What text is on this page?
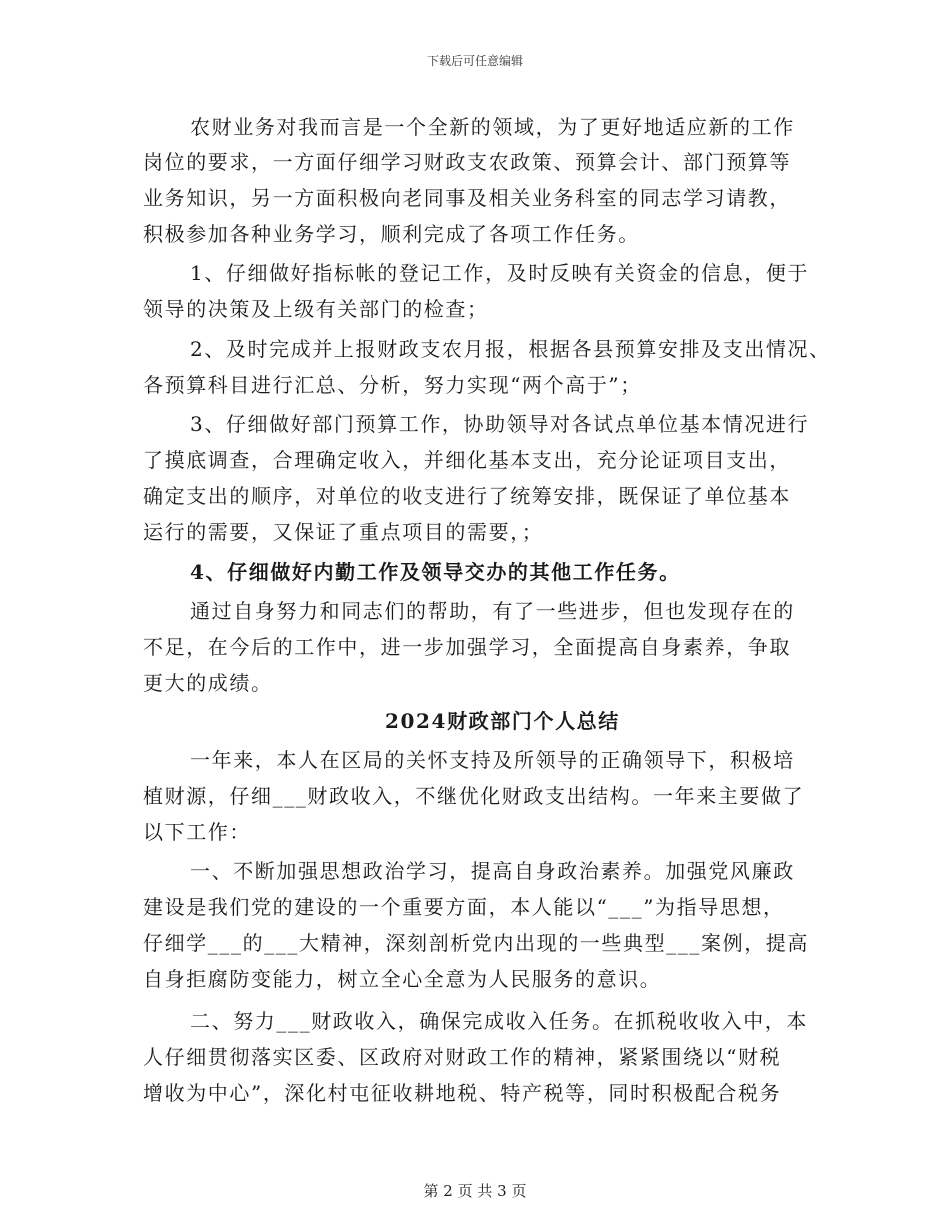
下载后可任意编辑
农财业务对我而言是一个全新的领域，为了更好地适应新的工作
岗位的要求，一方面仔细学习财政支农政策、预算会计、部门预算等
业务知识，另一方面积极向老同事及相关业务科室的同志学习请教，
积极参加各种业务学习，顺利完成了各项工作任务。
1、仔细做好指标帐的登记工作，及时反映有关资金的信息，便于
领导的决策及上级有关部门的检查；
2、及时完成并上报财政支农月报，根据各县预算安排及支出情况、
各预算科目进行汇总、分析，努力实现“两个高于”；
3、仔细做好部门预算工作，协助领导对各试点单位基本情况进行
了摸底调查，合理确定收入，并细化基本支出，充分论证项目支出，
确定支出的顺序，对单位的收支进行了统筹安排，既保证了单位基本
运行的需要，又保证了重点项目的需要，；
4、仔细做好内勤工作及领导交办的其他工作任务。
通过自身努力和同志们的帮助，有了一些进步，但也发现存在的
不足，在今后的工作中，进一步加强学习，全面提高自身素养，争取
更大的成绩。
2024财政部门个人总结
一年来，本人在区局的关怀支持及所领导的正确领导下，积极培
植财源，仔细___财政收入，不继优化财政支出结构。一年来主要做了
以下工作：
一、不断加强思想政治学习，提高自身政治素养。加强党风廉政
建设是我们党的建设的一个重要方面，本人能以“___”为指导思想，
仔细学___的___大精神，深刻剖析党内出现的一些典型___案例，提高
自身拒腐防变能力，树立全心全意为人民服务的意识。
二、努力___财政收入，确保完成收入任务。在抓税收收入中，本
人仔细贯彻落实区委、区政府对财政工作的精神，紧紧围绕以“财税
增收为中心”，深化村屯征收耕地税、特产税等，同时积极配合税务
第 2 页 共 3 页
